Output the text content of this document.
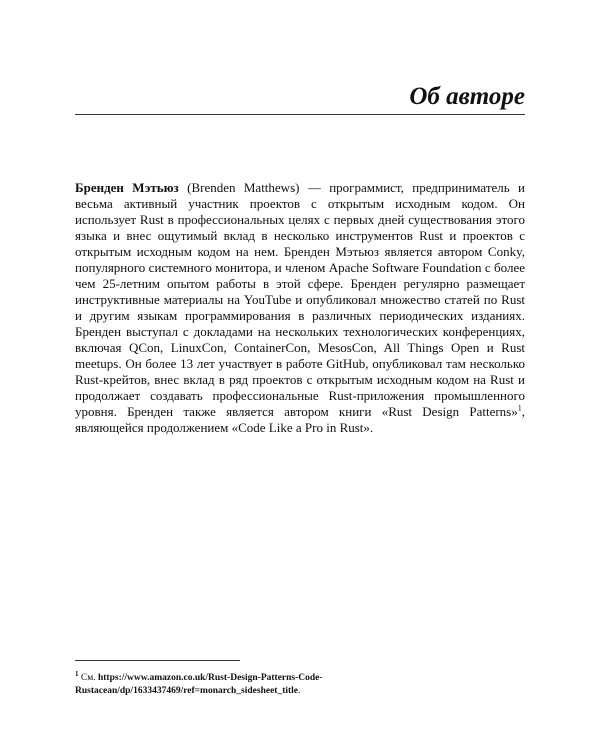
Об авторе

Бренден Мэтьюз (Brenden Matthews) — программист, предприниматель и весьма активный участник проектов с открытым исходным кодом. Он использует Rust в профессиональных целях с первых дней существования этого языка и внес ощутимый вклад в несколько инструментов Rust и проектов с открытым исходным кодом на нем. Бренден Мэтьюз является автором Conky, популярного системного монитора, и членом Apache Software Foundation с более чем 25-летним опытом работы в этой сфере. Бренден регулярно размещает инструктивные материалы на YouTube и опубликовал множество статей по Rust и другим языкам программирования в различных периодических изданиях. Бренден выступал с докладами на нескольких технологических конференциях, включая QCon, LinuxCon, ContainerCon, MesosCon, All Things Open и Rust meetups. Он более 13 лет участвует в работе GitHub, опубликовал там несколько Rust-крейтов, внес вклад в ряд проектов с открытым исходным кодом на Rust и продолжает создавать профессиональные Rust-приложения промышленного уровня. Бренден также является автором книги «Rust Design Patterns»$^1$, являющейся продолжением «Code Like a Pro in Rust».

$^1$ См. https://www.amazon.co.uk/Rust-Design-Patterns-Code-Rustacean/dp/1633437469/ref=monarch_sidesheet_title.
